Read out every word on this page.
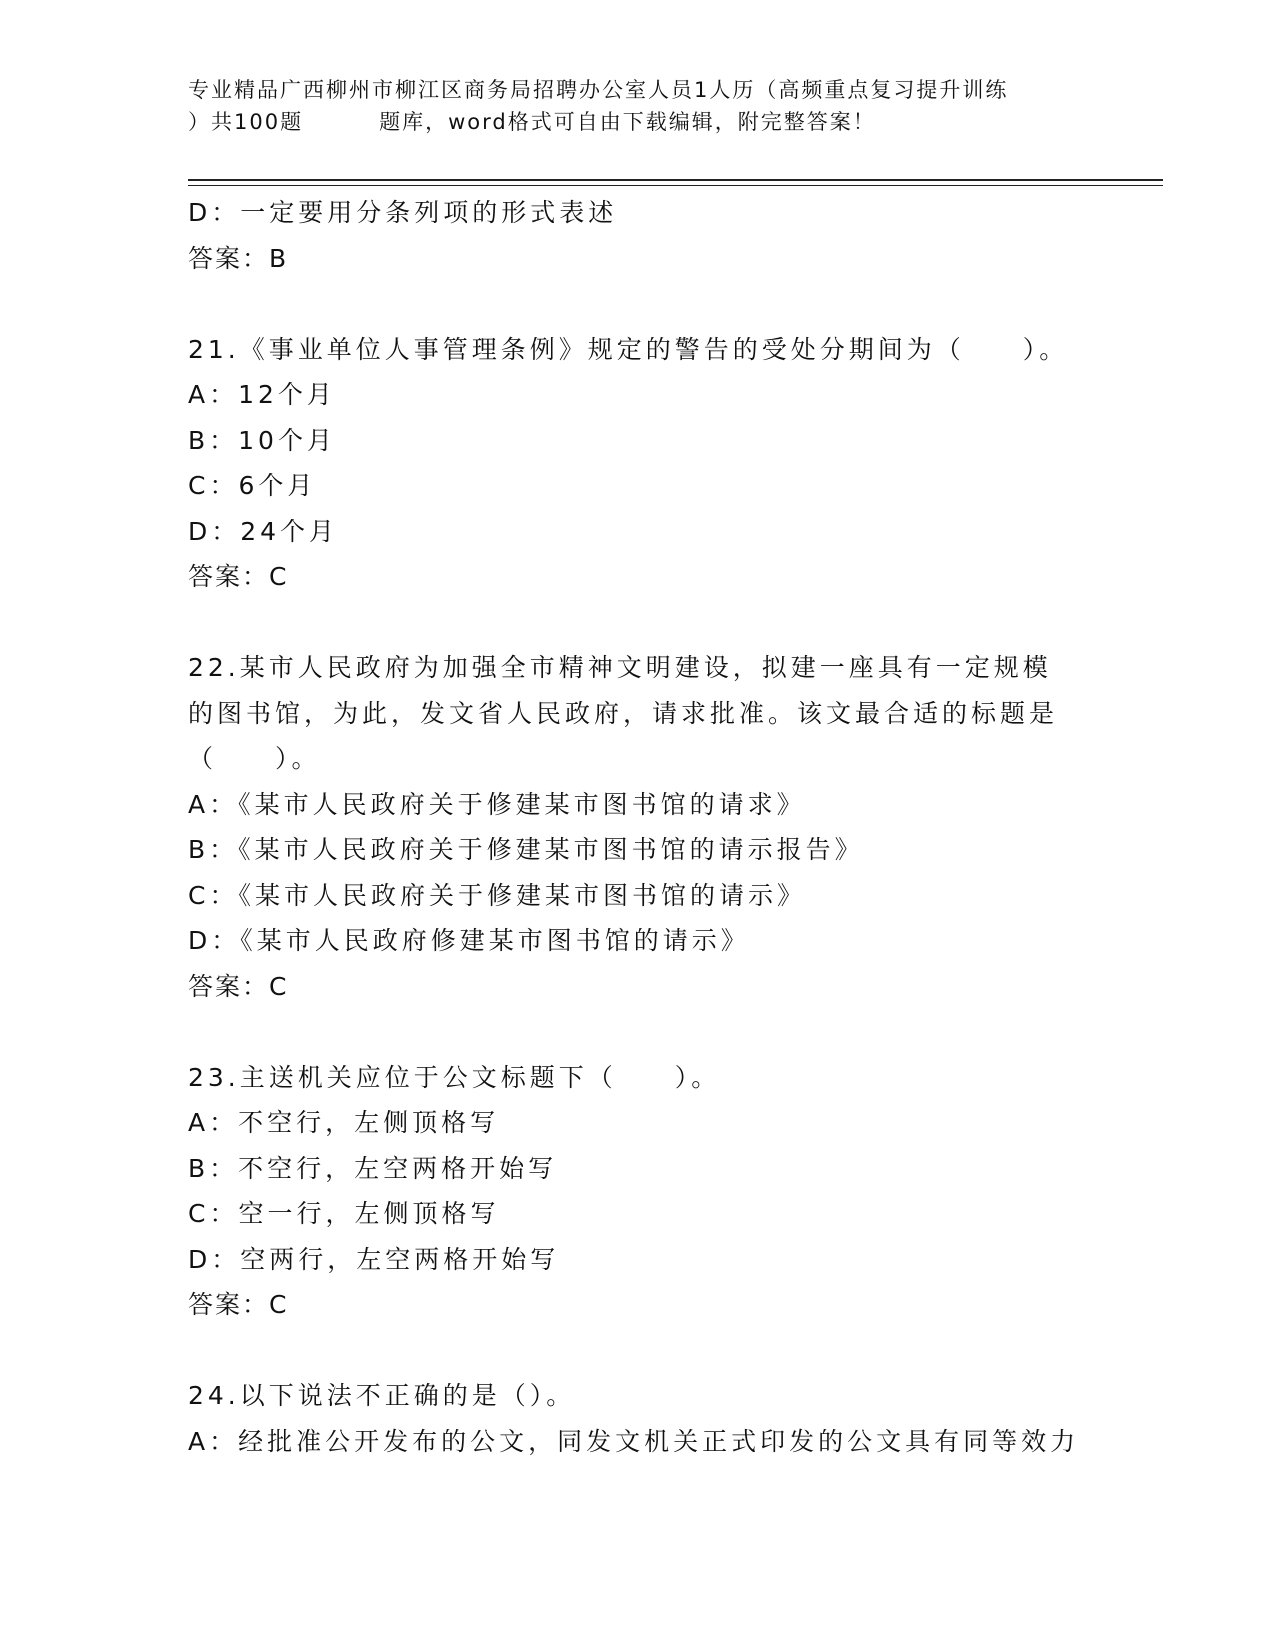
专业精品广西柳州市柳江区商务局招聘办公室人员1人历（高频重点复习提升训练
）共100题	题库，word格式可自由下载编辑，附完整答案！

D：一定要用分条列项的形式表述

答案：B

21.《事业单位人事管理条例》规定的警告的受处分期间为（　　）。

A：12个月

B：10个月

C：6个月

D：24个月

答案：C

22.某市人民政府为加强全市精神文明建设，拟建一座具有一定规模的图书馆，为此，发文省人民政府，请求批准。该文最合适的标题是（　　）。

A：《某市人民政府关于修建某市图书馆的请求》

B：《某市人民政府关于修建某市图书馆的请示报告》

C：《某市人民政府关于修建某市图书馆的请示》

D：《某市人民政府修建某市图书馆的请示》

答案：C

23.主送机关应位于公文标题下（　　）。

A：不空行，左侧顶格写

B：不空行，左空两格开始写

C：空一行，左侧顶格写

D：空两行，左空两格开始写

答案：C

24.以下说法不正确的是（）。

A：经批准公开发布的公文，同发文机关正式印发的公文具有同等效力
